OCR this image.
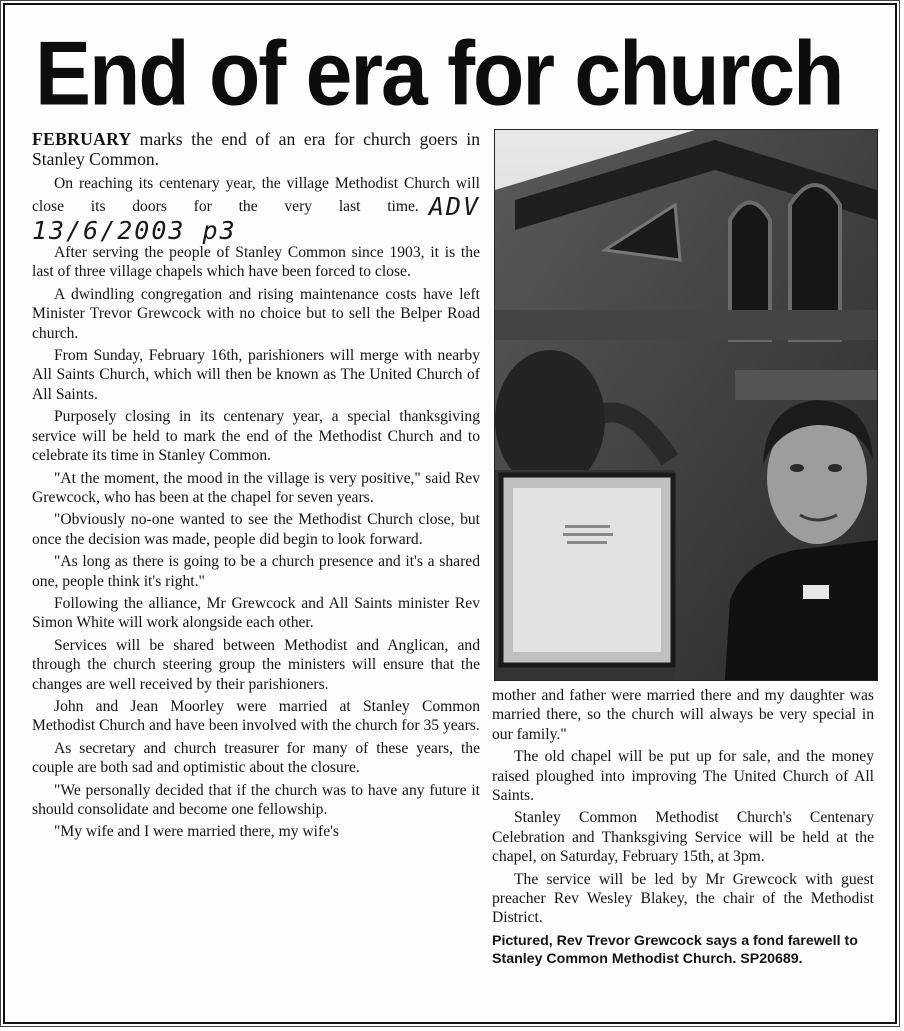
End of era for church

FEBRUARY marks the end of an era for church goers in Stanley Common.

On reaching its centenary year, the village Methodist Church will close its doors for the very last time. ADV 13/6/2003 p3

After serving the people of Stanley Common since 1903, it is the last of three village chapels which have been forced to close.

A dwindling congregation and rising maintenance costs have left Minister Trevor Grewcock with no choice but to sell the Belper Road church.

From Sunday, February 16th, parishioners will merge with nearby All Saints Church, which will then be known as The United Church of All Saints.

Purposely closing in its centenary year, a special thanksgiving service will be held to mark the end of the Methodist Church and to celebrate its time in Stanley Common.

"At the moment, the mood in the village is very positive," said Rev Grewcock, who has been at the chapel for seven years.

"Obviously no-one wanted to see the Methodist Church close, but once the decision was made, people did begin to look forward.

"As long as there is going to be a church presence and it's a shared one, people think it's right."

Following the alliance, Mr Grewcock and All Saints minister Rev Simon White will work alongside each other.

Services will be shared between Methodist and Anglican, and through the church steering group the ministers will ensure that the changes are well received by their parishioners.

John and Jean Moorley were married at Stanley Common Methodist Church and have been involved with the church for 35 years.

As secretary and church treasurer for many of these years, the couple are both sad and optimistic about the closure.

"We personally decided that if the church was to have any future it should consolidate and become one fellowship.

"My wife and I were married there, my wife's

mother and father were married there and my daughter was married there, so the church will always be very special in our family."

The old chapel will be put up for sale, and the money raised ploughed into improving The United Church of All Saints.

Stanley Common Methodist Church's Centenary Celebration and Thanksgiving Service will be held at the chapel, on Saturday, February 15th, at 3pm.

The service will be led by Mr Grewcock with guest preacher Rev Wesley Blakey, the chair of the Methodist District.

Pictured, Rev Trevor Grewcock says a fond farewell to Stanley Common Methodist Church. SP20689.
